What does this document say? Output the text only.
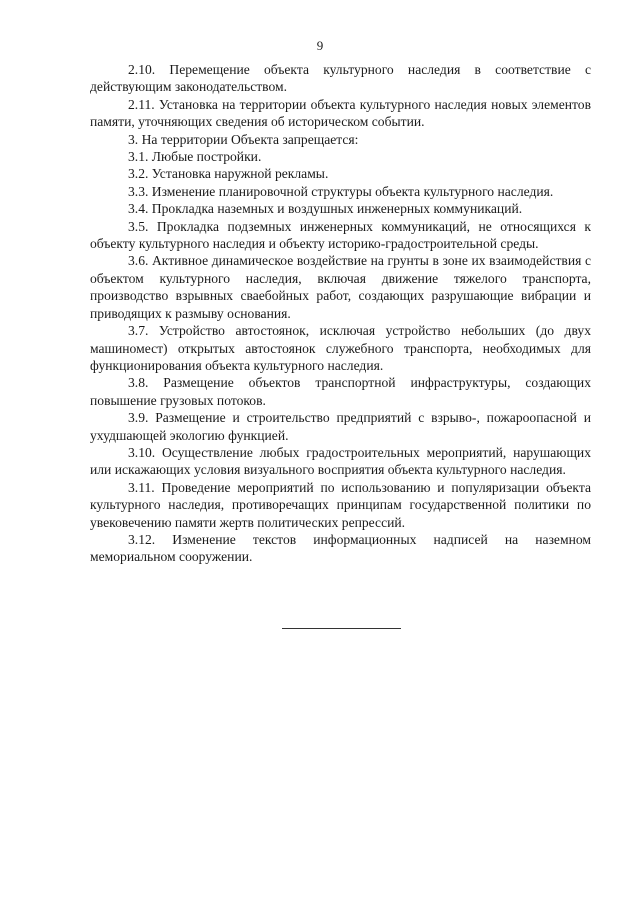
9

2.10. Перемещение объекта культурного наследия в соответствие с действующим законодательством.

2.11. Установка на территории объекта культурного наследия новых элементов памяти, уточняющих сведения об историческом событии.

3. На территории Объекта запрещается:

3.1. Любые постройки.

3.2. Установка наружной рекламы.

3.3. Изменение планировочной структуры объекта культурного наследия.

3.4. Прокладка наземных и воздушных инженерных коммуникаций.

3.5. Прокладка подземных инженерных коммуникаций, не относящихся к объекту культурного наследия и объекту историко-градостроительной среды.

3.6. Активное динамическое воздействие на грунты в зоне их взаимодействия с объектом культурного наследия, включая движение тяжелого транспорта, производство взрывных сваебойных работ, создающих разрушающие вибрации и приводящих к размыву основания.

3.7. Устройство автостоянок, исключая устройство небольших (до двух машиномест) открытых автостоянок служебного транспорта, необходимых для функционирования объекта культурного наследия.

3.8. Размещение объектов транспортной инфраструктуры, создающих повышение грузовых потоков.

3.9. Размещение и строительство предприятий с взрыво-, пожароопасной и ухудшающей экологию функцией.

3.10. Осуществление любых градостроительных мероприятий, нарушающих или искажающих условия визуального восприятия объекта культурного наследия.

3.11. Проведение мероприятий по использованию и популяризации объекта культурного наследия, противоречащих принципам государственной политики по увековечению памяти жертв политических репрессий.

3.12. Изменение текстов информационных надписей на наземном мемориальном сооружении.
